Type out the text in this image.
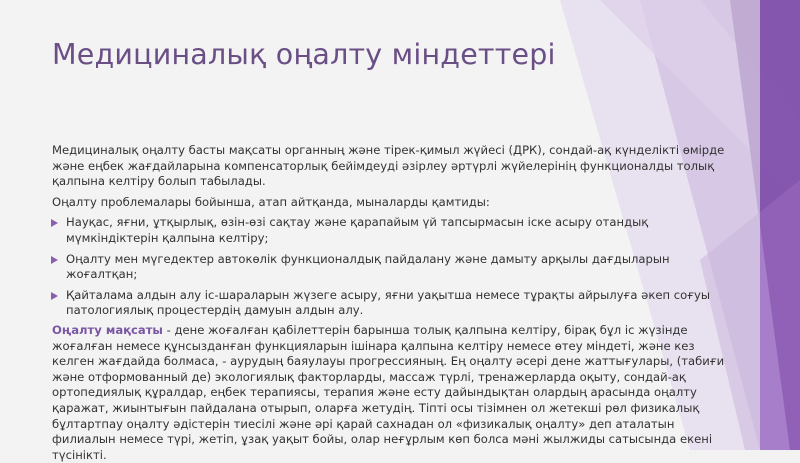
Медициналық оңалту міндеттері

Медициналық оңалту басты мақсаты органның және тірек-қимыл жүйесі (ДРК), сондай-ақ күнделікті өмірде және еңбек жағдайларына компенсаторлық бейімдеуді әзірлеу әртүрлі жүйелерінің функционалды толық қалпына келтіру болып табылады.

Оңалту проблемалары бойынша, атап айтқанда, мыналарды қамтиды:

Науқас, яғни, ұтқырлық, өзін-өзі сақтау және қарапайым үй тапсырмасын іске асыру отандық мүмкіндіктерін қалпына келтіру;
Оңалту мен мүгедектер автокөлік функционалдық пайдалану және дамыту арқылы дағдыларын жоғалтқан;
Қайталама алдын алу іс-шараларын жүзеге асыру, яғни уақытша немесе тұрақты айрылуға әкеп соғуы патологиялық процестердің дамуын алдын алу.

Оңалту мақсаты - дене жоғалған қабілеттерін барынша толық қалпына келтіру, бірақ бұл іс жүзінде жоғалған немесе құнсызданған функцияларын ішінара қалпына келтіру немесе өтеу міндеті, және кез келген жағдайда болмаса, - аурудың баяулауы прогрессияның. Ең оңалту әсері дене жаттығулары, (табиғи және отформованный де) экологиялық факторларды, массаж түрлі, тренажерларда оқыту, сондай-ақ ортопедиялық құралдар, еңбек терапиясы, терапия және есту дайындықтан олардың арасында оңалту қаражат, жиынтығын пайдалана отырып, оларға жетудің. Тіпті осы тізімнен ол жетекші рөл физикалық бұлтартпау оңалту әдістерін тиесілі және әрі қарай сахнадан ол «физикалық оңалту» деп аталатын филиалын немесе түрі, жетіп, ұзақ уақыт бойы, олар неғұрлым көп болса мәні жылжиды сатысында екені түсінікті.
